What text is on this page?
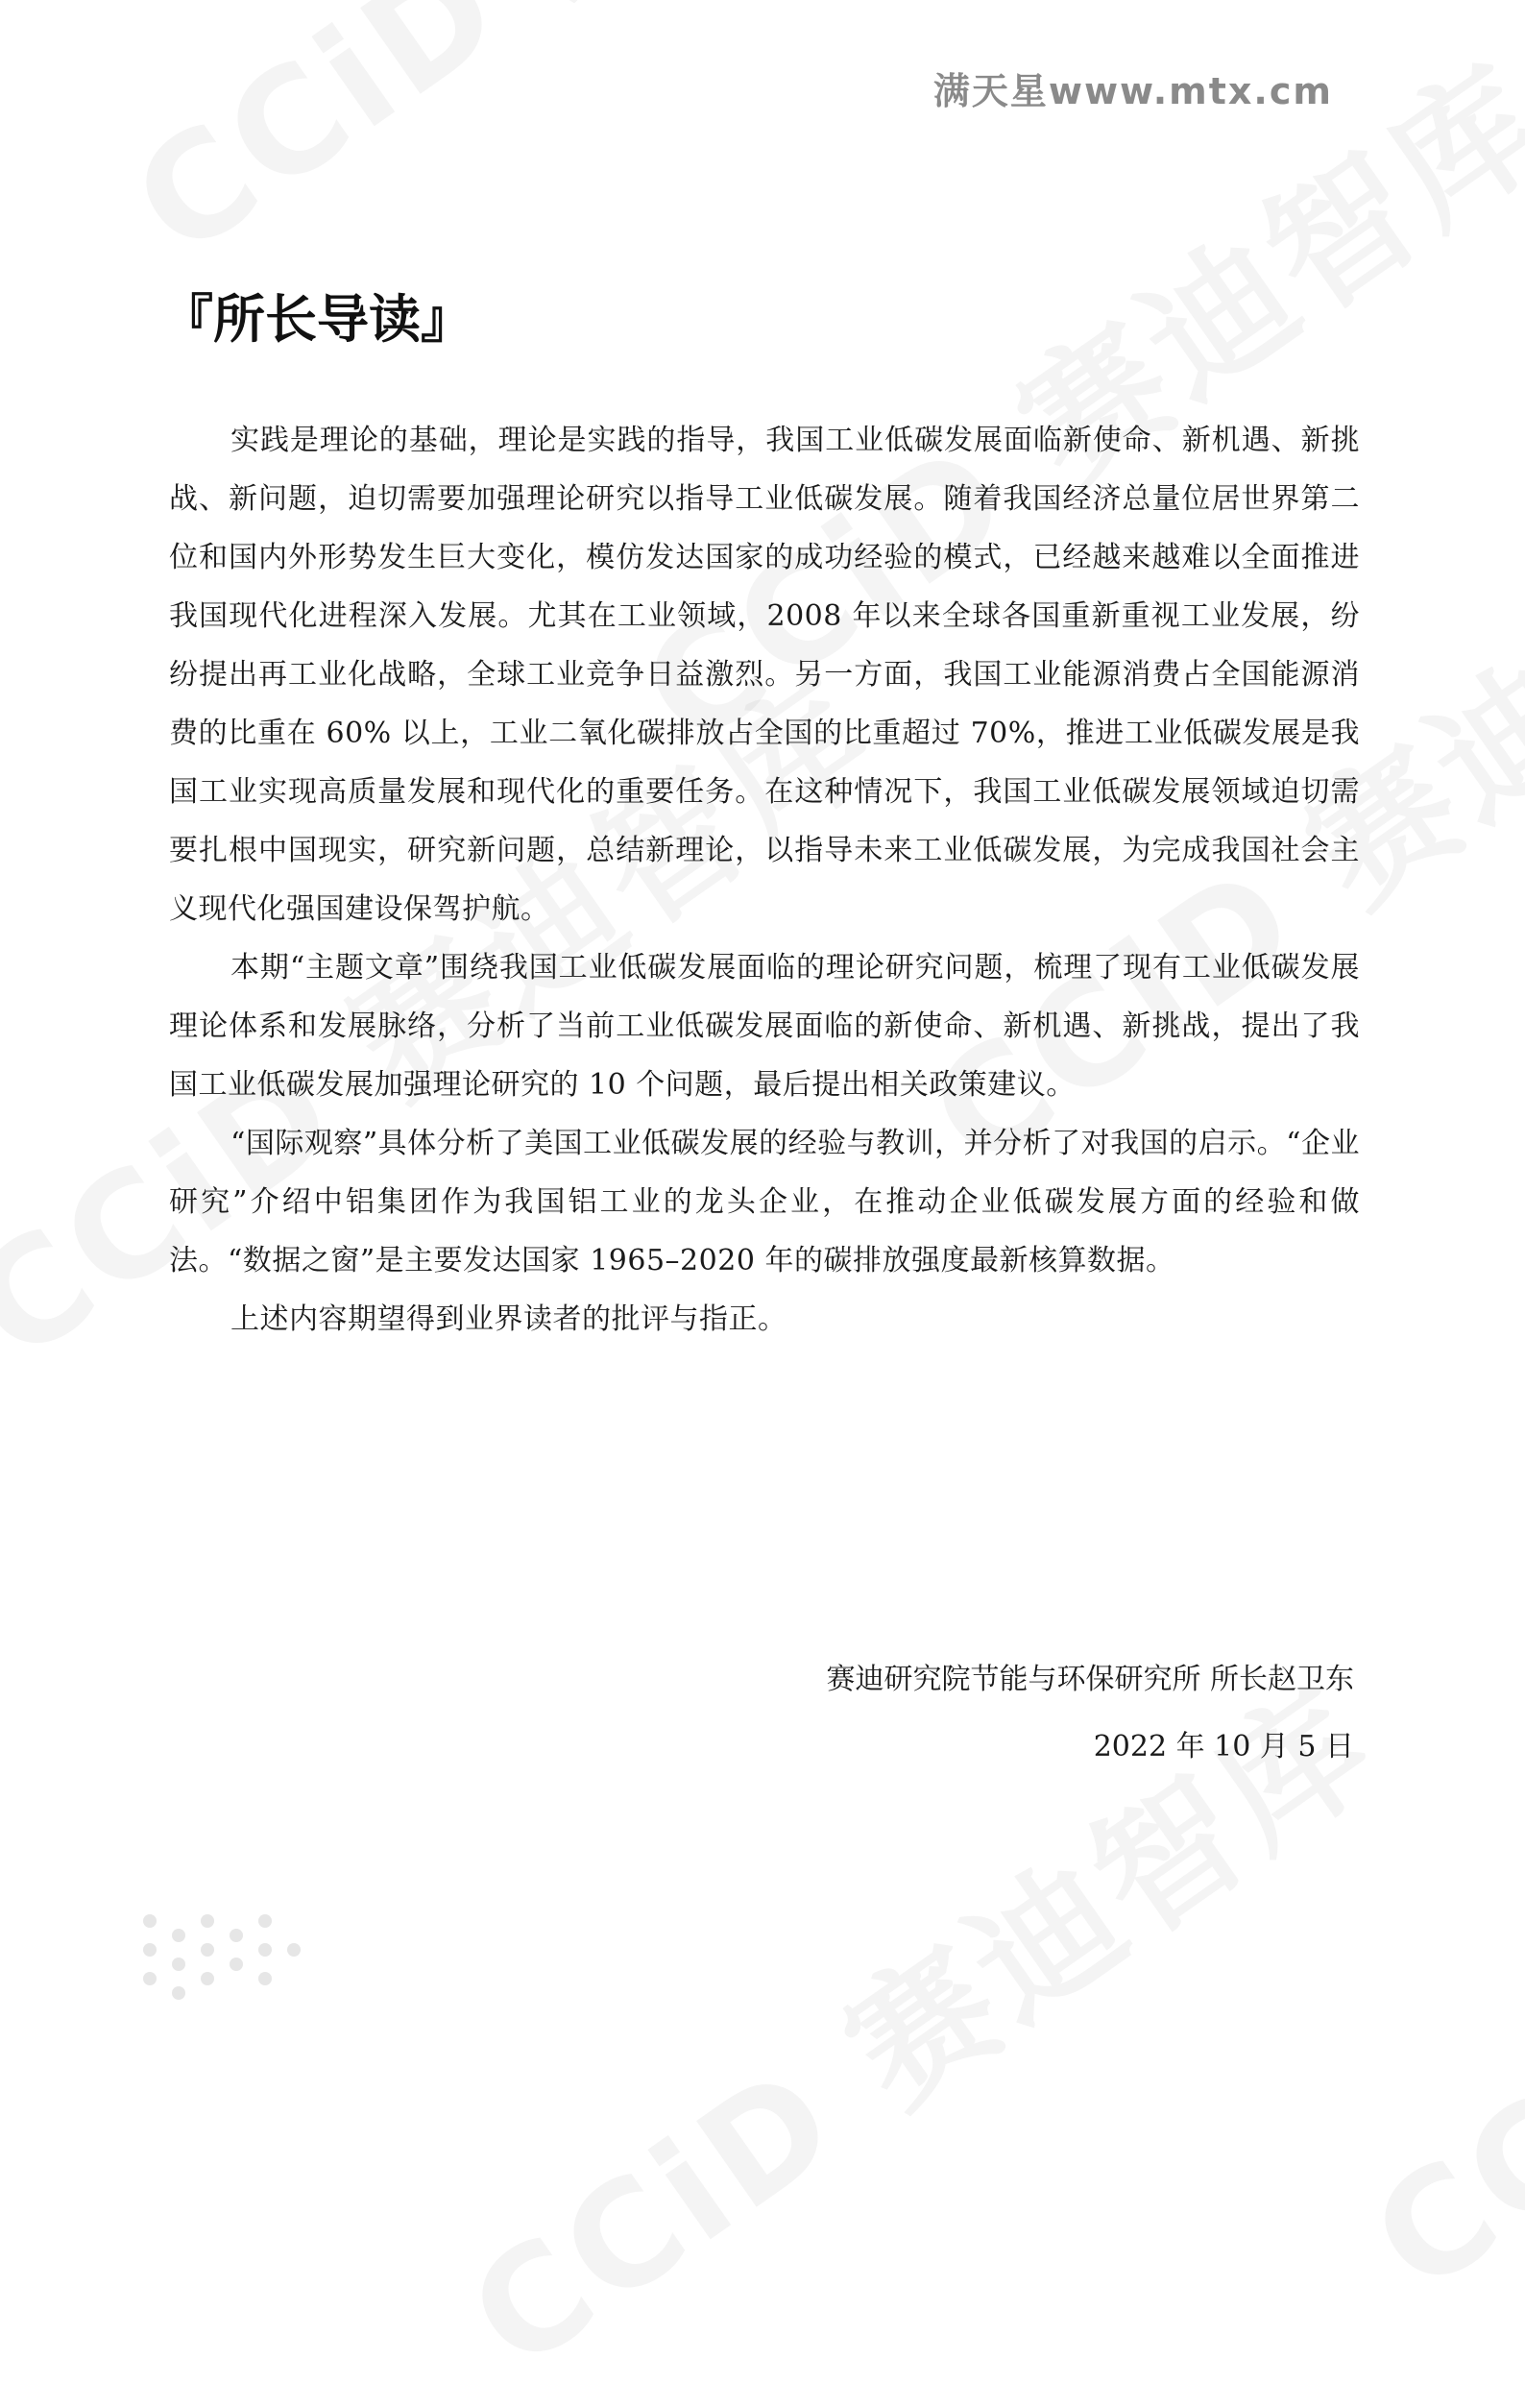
满天星www.mtx.cm
『所长导读』

实践是理论的基础，理论是实践的指导，我国工业低碳发展面临新使命、新机遇、新挑战、新问题，迫切需要加强理论研究以指导工业低碳发展。随着我国经济总量位居世界第二位和国内外形势发生巨大变化，模仿发达国家的成功经验的模式，已经越来越难以全面推进我国现代化进程深入发展。尤其在工业领域，2008 年以来全球各国重新重视工业发展，纷纷提出再工业化战略，全球工业竞争日益激烈。另一方面，我国工业能源消费占全国能源消费的比重在 60% 以上，工业二氧化碳排放占全国的比重超过 70%，推进工业低碳发展是我国工业实现高质量发展和现代化的重要任务。在这种情况下，我国工业低碳发展领域迫切需要扎根中国现实，研究新问题，总结新理论，以指导未来工业低碳发展，为完成我国社会主义现代化强国建设保驾护航。

本期“主题文章”围绕我国工业低碳发展面临的理论研究问题，梳理了现有工业低碳发展理论体系和发展脉络，分析了当前工业低碳发展面临的新使命、新机遇、新挑战，提出了我国工业低碳发展加强理论研究的 10 个问题，最后提出相关政策建议。

“国际观察”具体分析了美国工业低碳发展的经验与教训，并分析了对我国的启示。“企业研究”介绍中铝集团作为我国铝工业的龙头企业，在推动企业低碳发展方面的经验和做法。“数据之窗”是主要发达国家 1965–2020 年的碳排放强度最新核算数据。

上述内容期望得到业界读者的批评与指正。

赛迪研究院节能与环保研究所 所长赵卫东
2022 年 10 月 5 日
